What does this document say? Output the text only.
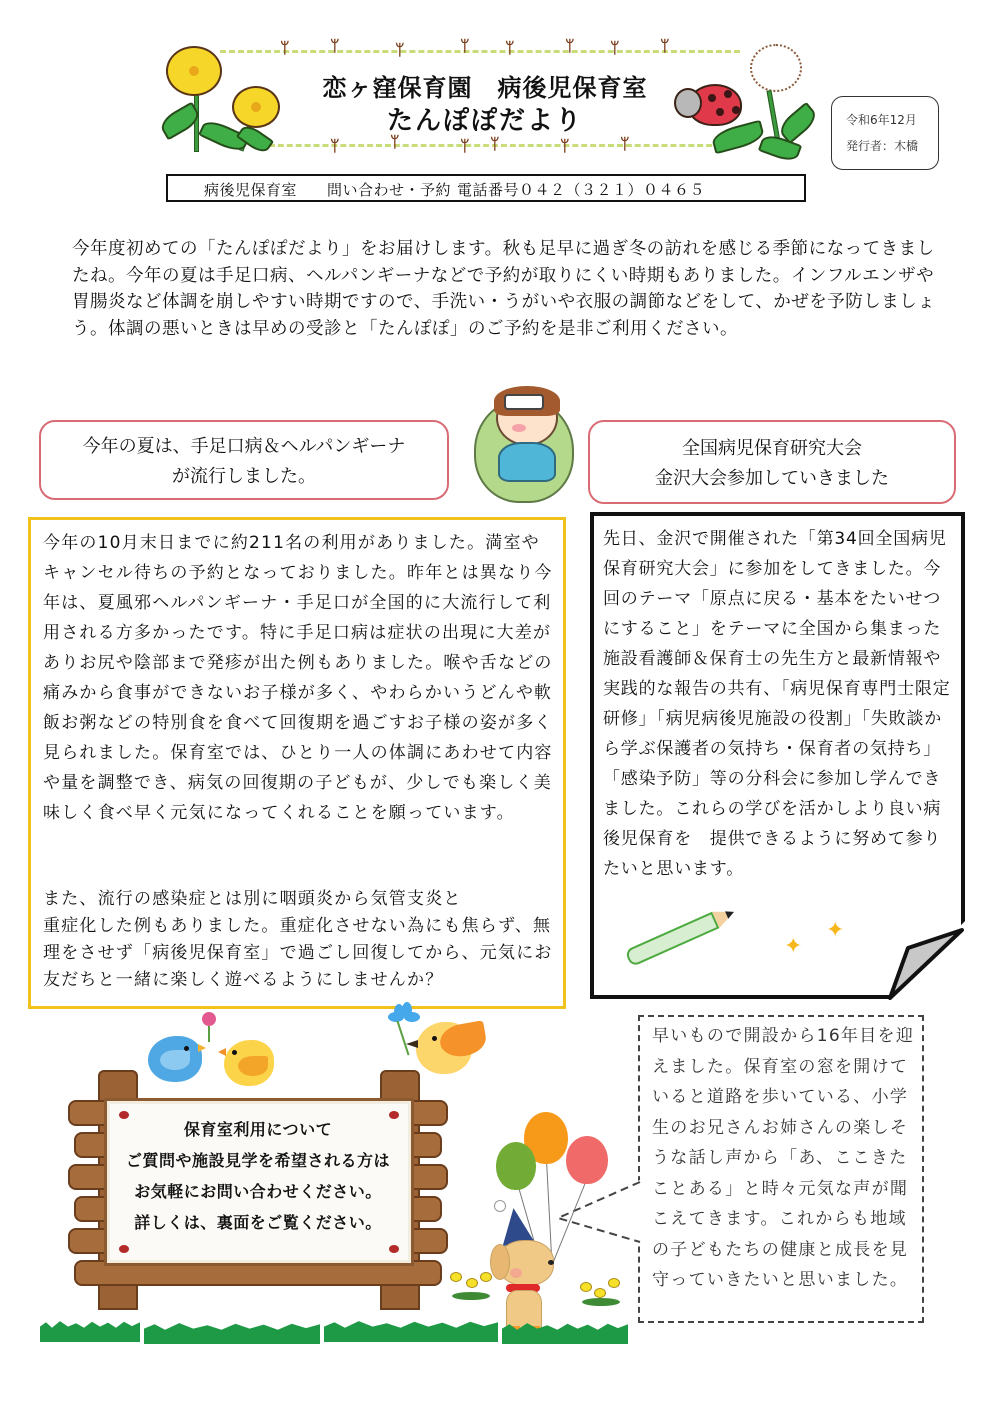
ᛘ	ᛘ	ᛘ	ᛘ ᛘ	ᛘ ᛘ	ᛘ
ᛘ	ᛘ	ᛘ ᛘ	ᛘ	ᛘ
恋ヶ窪保育園　病後児保育室
たんぽぽだより	令和6年12月
発行者：木橋
病後児保育室 問い合わせ・予約 電話番号０４２（３２１）０４６５

今年度初めての「たんぽぽだより」をお届けします。秋も足早に過ぎ冬の訪れを感じる季節になってきましたね。今年の夏は手足口病、ヘルパンギーナなどで予約が取りにくい時期もありました。インフルエンザや胃腸炎など体調を崩しやすい時期ですので、手洗い・うがいや衣服の調節などをして、かぜを予防しましょう。体調の悪いときは早めの受診と「たんぽぽ」のご予約を是非ご利用ください。

今年の夏は、手足口病＆ヘルパンギーナ
が流行しました。
全国病児保育研究大会
金沢大会参加していきました

今年の10月末日までに約211名の利用がありました。満室やキャンセル待ちの予約となっておりました。昨年とは異なり今年は、夏風邪ヘルパンギーナ・手足口が全国的に大流行して利用される方多かったです。特に手足口病は症状の出現に大差がありお尻や陰部まで発疹が出た例もありました。喉や舌などの痛みから食事ができないお子様が多く、やわらかいうどんや軟飯お粥などの特別食を食べて回復期を過ごすお子様の姿が多く見られました。保育室では、ひとり一人の体調にあわせて内容や量を調整でき、病気の回復期の子どもが、少しでも楽しく美味しく食べ早く元気になってくれることを願っています。

また、流行の感染症とは別に咽頭炎から気管支炎と
重症化した例もありました。重症化させない為にも焦らず、無理をさせず「病後児保育室」で過ごし回復してから、元気にお友だちと一緒に楽しく遊べるようにしませんか？

先日、金沢で開催された「第34回全国病児保育研究大会」に参加をしてきました。今回のテーマ「原点に戻る・基本をたいせつにすること」をテーマに全国から集まった施設看護師＆保育士の先生方と最新情報や実践的な報告の共有、「病児保育専門士限定研修」「病児病後児施設の役割」「失敗談から学ぶ保護者の気持ち・保育者の気持ち」「感染予防」等の分科会に参加し学んできました。これらの学びを活かしより良い病後児保育を　提供できるように努めて参りたいと思います。

✦
✦

早いもので開設から16年目を迎えました。保育室の窓を開けていると道路を歩いている、小学生のお兄さんお姉さんの楽しそうな話し声から「あ、ここきたことある」と時々元気な声が聞こえてきます。これからも地域の子どもたちの健康と成長を見守っていきたいと思いました。

保育室利用について
ご質問や施設見学を希望される方は
お気軽にお問い合わせください。
詳しくは、裏面をご覧ください。
